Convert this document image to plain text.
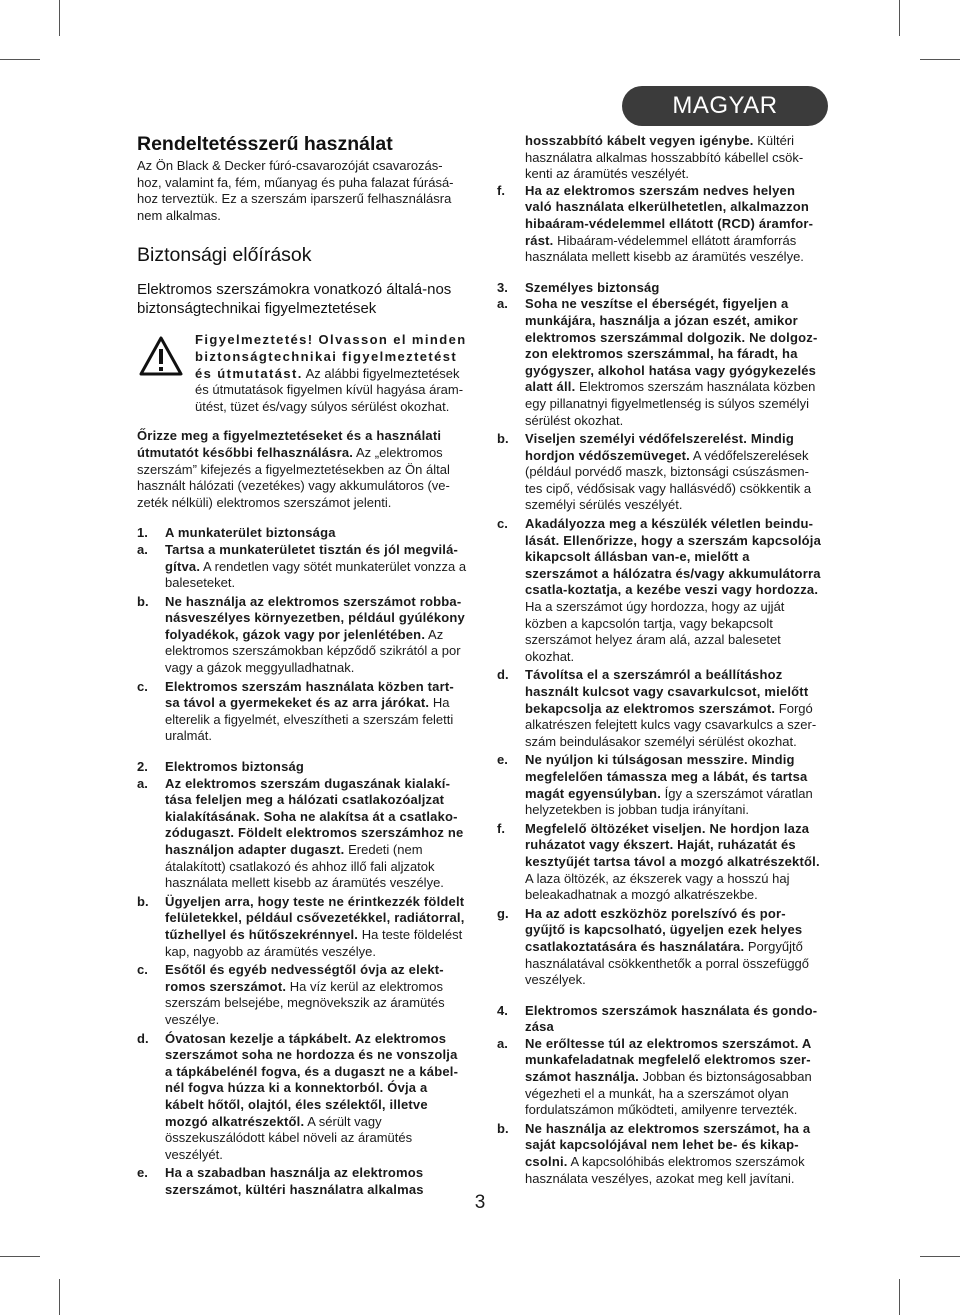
MAGYAR
Rendeltetésszerű használat

Az Ön Black & Decker fúró-csavarozóját csavarozás-hoz, valamint fa, fém, műanyag és puha falazat fúrásá-hoz terveztük. Ez a szerszám iparszerű felhasználásra nem alkalmas.

Biztonsági előírások
Elektromos szerszámokra vonatkozó általá-nos biztonságtechnikai figyelmeztetések

Figyelmeztetés! Olvasson el minden biztonságtechnikai figyelmeztetést és útmutatást. Az alábbi figyelmeztetések és útmutatások figyelmen kívül hagyása áram-ütést, tüzet és/vagy súlyos sérülést okozhat.

Őrizze meg a figyelmeztetéseket és a használati útmutatót későbbi felhasználásra. Az „elektromos szerszám” kifejezés a figyelmeztetésekben az Ön által használt hálózati (vezetékes) vagy akkumulátoros (ve-zeték nélküli) elektromos szerszámot jelenti.

1. A munkaterület biztonsága
a. Tartsa a munkaterületet tisztán és jól megvilá-gítva. A rendetlen vagy sötét munkaterület vonzza a baleseteket.
b. Ne használja az elektromos szerszámot robba-násveszélyes környezetben, például gyúlékony folyadékok, gázok vagy por jelenlétében. Az elektromos szerszámokban képződő szikrától a por vagy a gázok meggyulladhatnak.
c. Elektromos szerszám használata közben tart-sa távol a gyermekeket és az arra járókat. Ha elterelik a figyelmét, elveszítheti a szerszám feletti uralmát.
2. Elektromos biztonság
a. Az elektromos szerszám dugaszának kialakí-tása feleljen meg a hálózati csatlakozóaljzat kialakításának. Soha ne alakítsa át a csatlako-zódugaszt. Földelt elektromos szerszámhoz ne használjon adapter dugaszt. Eredeti (nem átalakított) csatlakozó és ahhoz illő fali aljzatok használata mellett kisebb az áramütés veszélye.
b. Ügyeljen arra, hogy teste ne érintkezzék földelt felületekkel, például csővezetékkel, radiátorral, tűzhellyel és hűtőszekrénnyel. Ha teste földelést kap, nagyobb az áramütés veszélye.
c. Esőtől és egyéb nedvességtől óvja az elekt-romos szerszámot. Ha víz kerül az elektromos szerszám belsejébe, megnövekszik az áramütés veszélye.
d. Óvatosan kezelje a tápkábelt. Az elektromos szerszámot soha ne hordozza és ne vonszolja a tápkábelénél fogva, és a dugaszt ne a kábel-nél fogva húzza ki a konnektorból. Óvja a kábelt hőtől, olajtól, éles szélektől, illetve mozgó alkatrészektől. A sérült vagy összekuszálódott kábel növeli az áramütés veszélyét.
e. Ha a szabadban használja az elektromos szerszámot, kültéri használatra alkalmas
hosszabbító kábelt vegyen igénybe. Kültéri használatra alkalmas hosszabbító kábellel csök-kenti az áramütés veszélyét.
f. Ha az elektromos szerszám nedves helyen való használata elkerülhetetlen, alkalmazzon hibaáram-védelemmel ellátott (RCD) áramfor-rást. Hibaáram-védelemmel ellátott áramforrás használata mellett kisebb az áramütés veszélye.
3. Személyes biztonság
a. Soha ne veszítse el éberségét, figyeljen a munkájára, használja a józan eszét, amikor elektromos szerszámmal dolgozik. Ne dolgoz-zon elektromos szerszámmal, ha fáradt, ha gyógyszer, alkohol hatása vagy gyógykezelés alatt áll. Elektromos szerszám használata közben egy pillanatnyi figyelmetlenség is súlyos személyi sérülést okozhat.
b. Viseljen személyi védőfelszerelést. Mindig hordjon védőszemüveget. A védőfelszerelések (például porvédő maszk, biztonsági csúszásmen-tes cipő, védősisak vagy hallásvédő) csökkentik a személyi sérülés veszélyét.
c. Akadályozza meg a készülék véletlen beindu-lását. Ellenőrizze, hogy a szerszám kapcsolója kikapcsolt állásban van-e, mielőtt a szerszámot a hálózatra és/vagy akkumulátorra csatla-koztatja, a kezébe veszi vagy hordozza. Ha a szerszámot úgy hordozza, hogy az ujját közben a kapcsolón tartja, vagy bekapcsolt szerszámot helyez áram alá, azzal balesetet okozhat.
d. Távolítsa el a szerszámról a beállításhoz használt kulcsot vagy csavarkulcsot, mielőtt bekapcsolja az elektromos szerszámot. Forgó alkatrészen felejtett kulcs vagy csavarkulcs a szer-szám beindulásakor személyi sérülést okozhat.
e. Ne nyúljon ki túlságosan messzire. Mindig megfelelően támassza meg a lábát, és tartsa magát egyensúlyban. Így a szerszámot váratlan helyzetekben is jobban tudja irányítani.
f. Megfelelő öltözéket viseljen. Ne hordjon laza ruházatot vagy ékszert. Haját, ruházatát és kesztyűjét tartsa távol a mozgó alkatrészektől. A laza öltözék, az ékszerek vagy a hosszú haj beleakadhatnak a mozgó alkatrészekbe.
g. Ha az adott eszközhöz porelszívó és por-gyűjtő is kapcsolható, ügyeljen ezek helyes csatlakoztatására és használatára. Porgyűjtő használatával csökkenthetők a porral összefüggő veszélyek.
4. Elektromos szerszámok használata és gondo-zása
a. Ne erőltesse túl az elektromos szerszámot. A munkafeladatnak megfelelő elektromos szer-számot használja. Jobban és biztonságosabban végezheti el a munkát, ha a szerszámot olyan fordulatszámon működteti, amilyenre tervezték.
b. Ne használja az elektromos szerszámot, ha a saját kapcsolójával nem lehet be- és kikap-csolni. A kapcsolóhibás elektromos szerszámok használata veszélyes, azokat meg kell javítani.
3
